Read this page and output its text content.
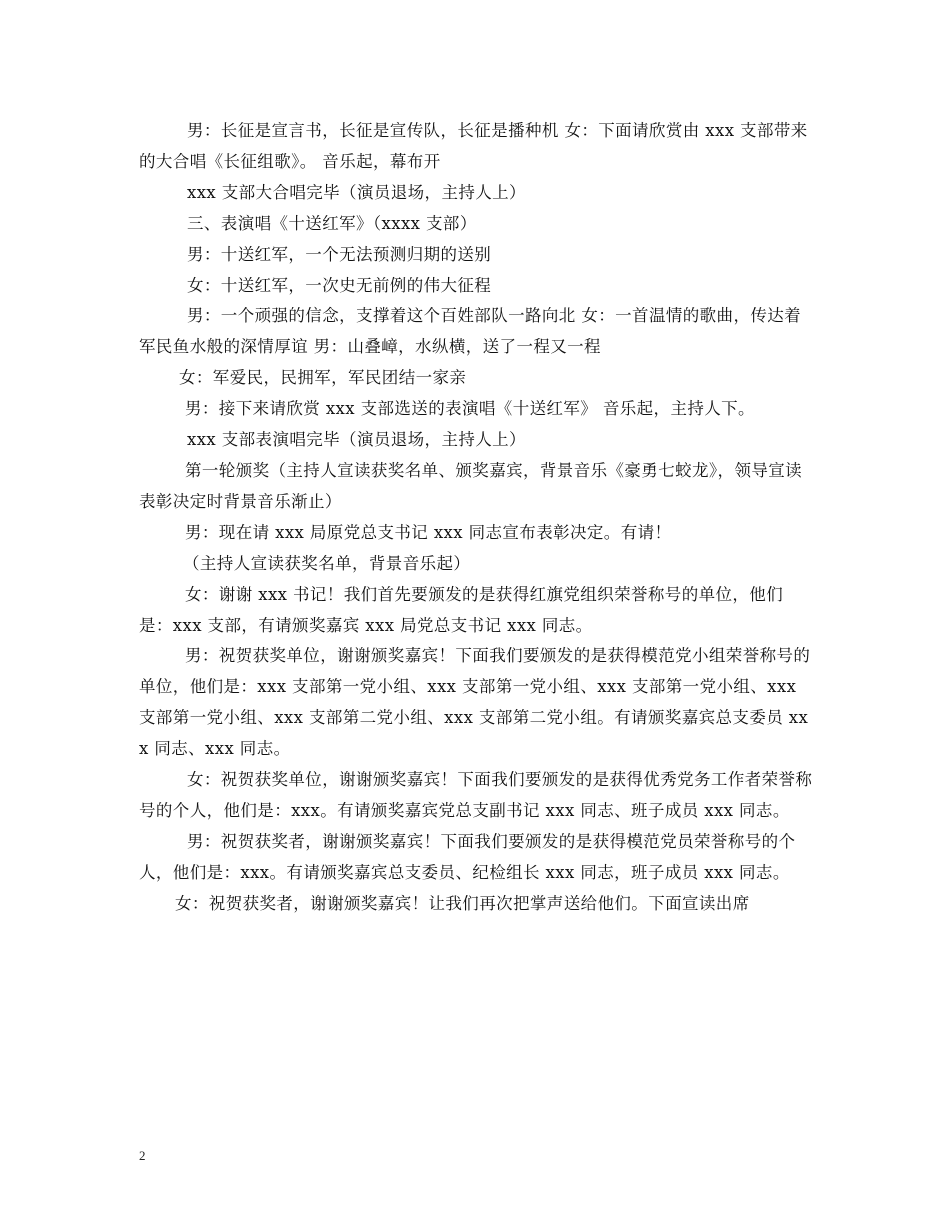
男：长征是宣言书，长征是宣传队，长征是播种机 女：下面请欣赏由 xxx 支部带来的大合唱《长征组歌》。 音乐起，幕布开

xxx 支部大合唱完毕（演员退场，主持人上）

三、表演唱《十送红军》（xxxx 支部）

男：十送红军，一个无法预测归期的送别

女：十送红军，一次史无前例的伟大征程

男：一个顽强的信念，支撑着这个百姓部队一路向北 女：一首温情的歌曲，传达着军民鱼水般的深情厚谊 男：山叠嶂，水纵横，送了一程又一程

女：军爱民，民拥军，军民团结一家亲

男：接下来请欣赏 xxx 支部选送的表演唱《十送红军》 音乐起，主持人下。

xxx 支部表演唱完毕（演员退场，主持人上）

第一轮颁奖（主持人宣读获奖名单、颁奖嘉宾，背景音乐《豪勇七蛟龙》，领导宣读表彰决定时背景音乐渐止）

男：现在请 xxx 局原党总支书记 xxx 同志宣布表彰决定。有请！

（主持人宣读获奖名单，背景音乐起）

女：谢谢 xxx 书记！我们首先要颁发的是获得红旗党组织荣誉称号的单位，他们是：xxx 支部，有请颁奖嘉宾 xxx 局党总支书记 xxx 同志。

男：祝贺获奖单位，谢谢颁奖嘉宾！下面我们要颁发的是获得模范党小组荣誉称号的单位，他们是：xxx 支部第一党小组、xxx 支部第一党小组、xxx 支部第一党小组、xxx 支部第一党小组、xxx 支部第二党小组、xxx 支部第二党小组。有请颁奖嘉宾总支委员 xxx 同志、xxx 同志。

女：祝贺获奖单位，谢谢颁奖嘉宾！下面我们要颁发的是获得优秀党务工作者荣誉称号的个人，他们是：xxx。有请颁奖嘉宾党总支副书记 xxx 同志、班子成员 xxx 同志。

男：祝贺获奖者，谢谢颁奖嘉宾！下面我们要颁发的是获得模范党员荣誉称号的个人，他们是：xxx。有请颁奖嘉宾总支委员、纪检组长 xxx 同志，班子成员 xxx 同志。

女：祝贺获奖者，谢谢颁奖嘉宾！让我们再次把掌声送给他们。下面宣读出席

2
